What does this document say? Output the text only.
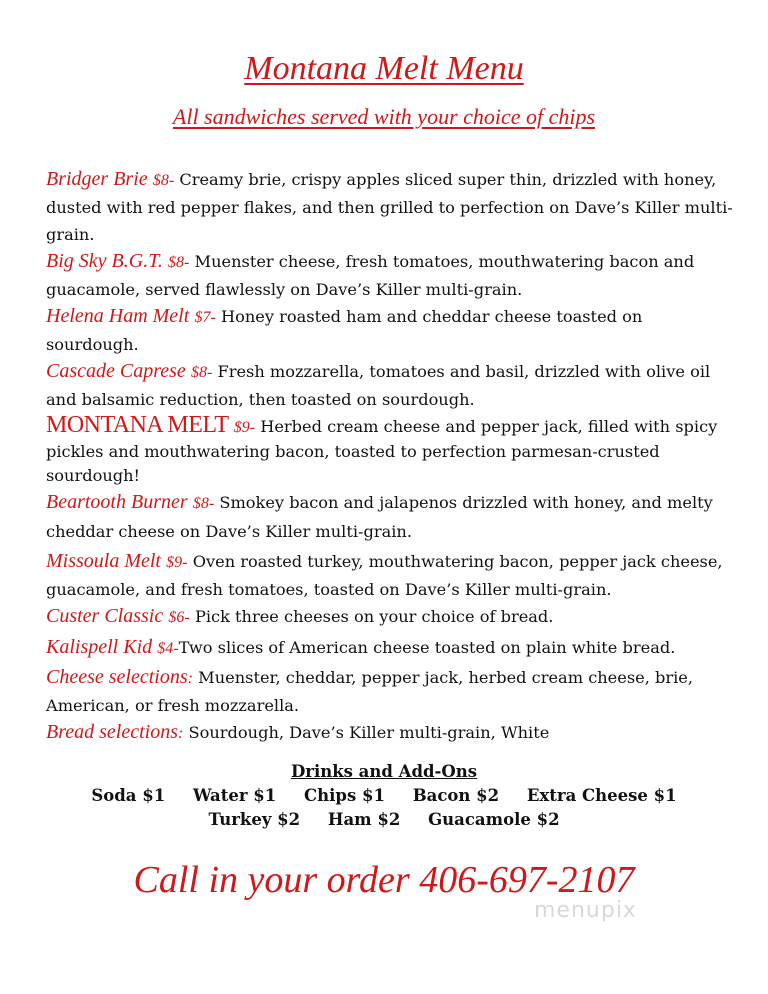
Montana Melt Menu
All sandwiches served with your choice of chips

Bridger Brie $8- Creamy brie, crispy apples sliced super thin, drizzled with honey, dusted with red pepper flakes, and then grilled to perfection on Dave’s Killer multi-grain.

Big Sky B.G.T. $8- Muenster cheese, fresh tomatoes, mouthwatering bacon and guacamole, served flawlessly on Dave’s Killer multi-grain.

Helena Ham Melt $7- Honey roasted ham and cheddar cheese toasted on sourdough.

Cascade Caprese $8- Fresh mozzarella, tomatoes and basil, drizzled with olive oil and balsamic reduction, then toasted on sourdough.

MONTANA MELT $9- Herbed cream cheese and pepper jack, filled with spicy pickles and mouthwatering bacon, toasted to perfection parmesan-crusted sourdough!

Beartooth Burner $8- Smokey bacon and jalapenos drizzled with honey, and melty cheddar cheese on Dave’s Killer multi-grain.

Missoula Melt $9- Oven roasted turkey, mouthwatering bacon, pepper jack cheese, guacamole, and fresh tomatoes, toasted on Dave’s Killer multi-grain.

Custer Classic $6- Pick three cheeses on your choice of bread.

Kalispell Kid $4-Two slices of American cheese toasted on plain white bread.

Cheese selections: Muenster, cheddar, pepper jack, herbed cream cheese, brie, American, or fresh mozzarella.

Bread selections: Sourdough, Dave’s Killer multi-grain, White

Drinks and Add-Ons
Soda $1 Water $1 Chips $1 Bacon $2 Extra Cheese $1
Turkey $2 Ham $2 Guacamole $2
Call in your order 406-697-2107
menupix
